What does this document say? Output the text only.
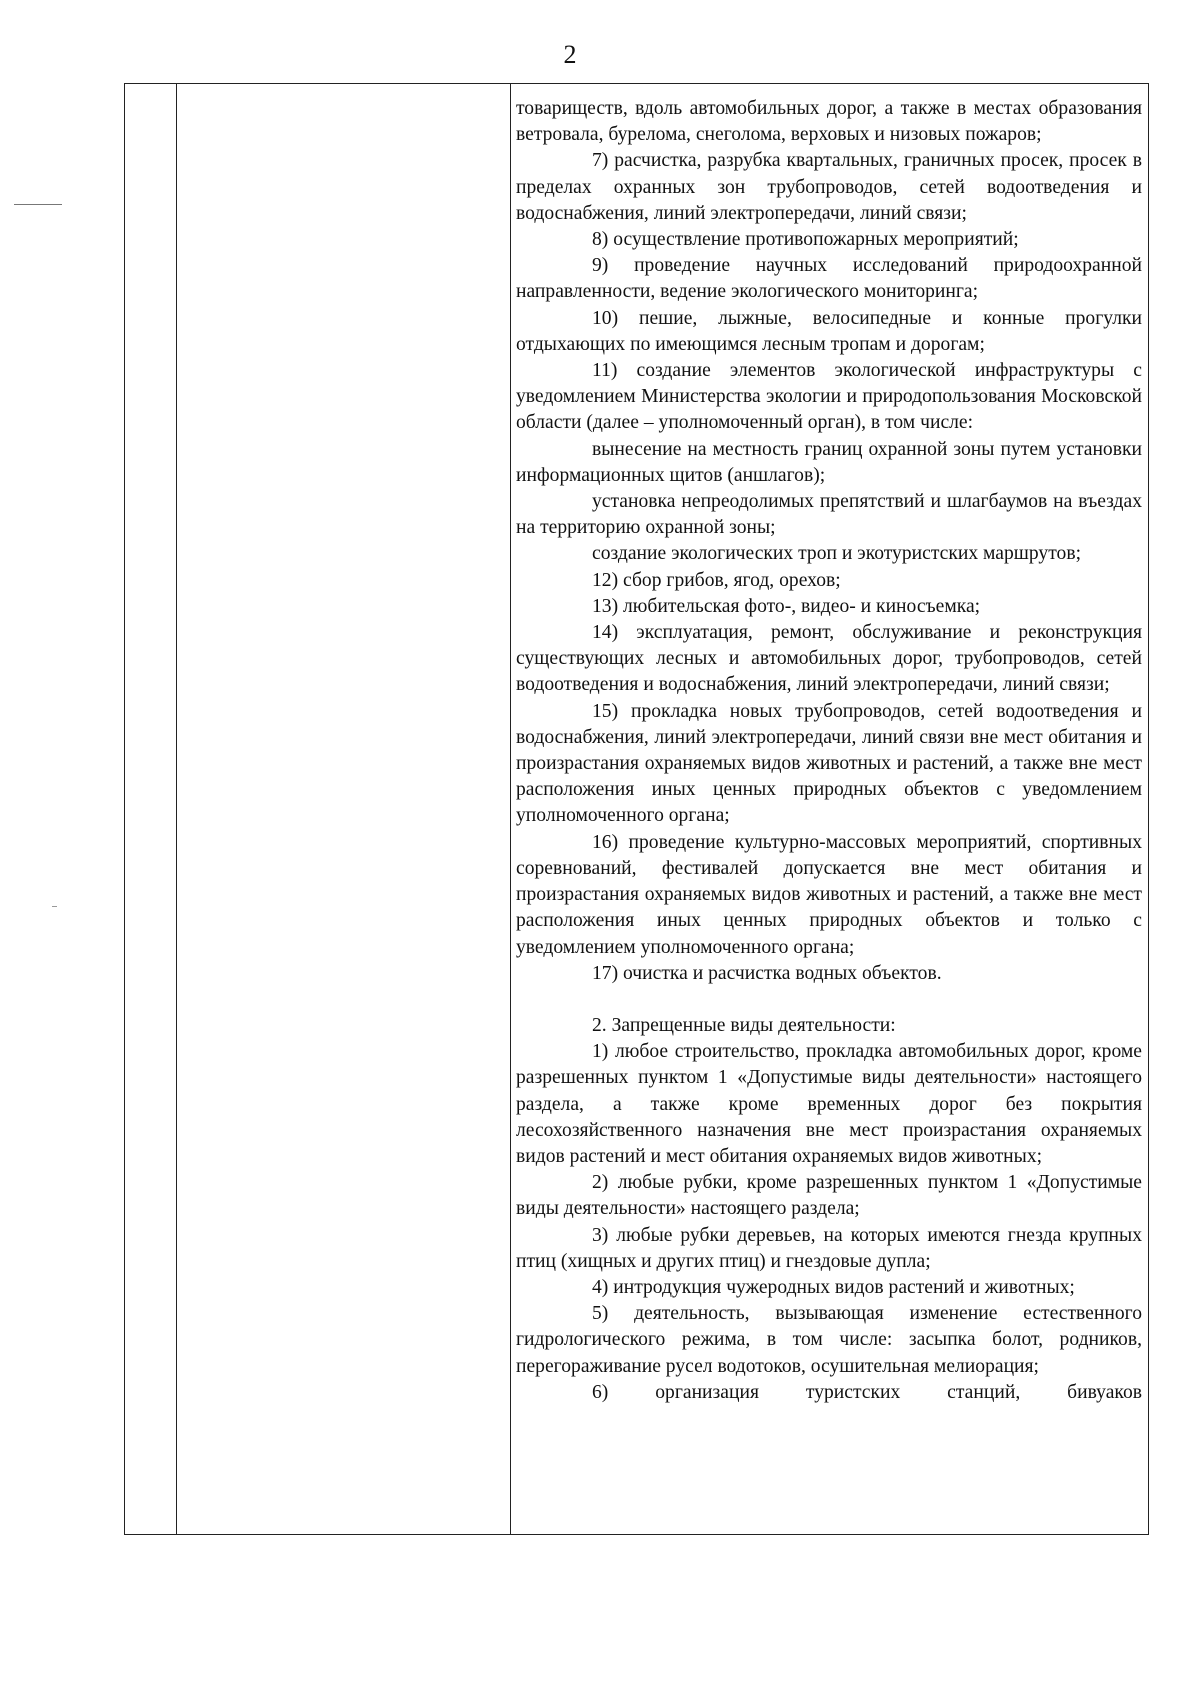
2

товариществ, вдоль автомобильных дорог, а также в местах образования ветровала, бурелома, снеголома, верховых и низовых пожаров;

7) расчистка, разрубка квартальных, граничных просек, просек в пределах охранных зон трубопроводов, сетей водоотведения и водоснабжения, линий электропередачи, линий связи;

8) осуществление противопожарных мероприятий;

9) проведение научных исследований природоохранной направленности, ведение экологического мониторинга;

10) пешие, лыжные, велосипедные и конные прогулки отдыхающих по имеющимся лесным тропам и дорогам;

11) создание элементов экологической инфраструктуры с уведомлением Министерства экологии и природопользования Московской области (далее – уполномоченный орган), в том числе:

вынесение на местность границ охранной зоны путем установки информационных щитов (аншлагов);

установка непреодолимых препятствий и шлагбаумов на въездах на территорию охранной зоны;

создание экологических троп и экотуристских маршрутов;

12) сбор грибов, ягод, орехов;

13) любительская фото-, видео- и киносъемка;

14) эксплуатация, ремонт, обслуживание и реконструкция существующих лесных и автомобильных дорог, трубопроводов, сетей водоотведения и водоснабжения, линий электропередачи, линий связи;

15) прокладка новых трубопроводов, сетей водоотведения и водоснабжения, линий электропередачи, линий связи вне мест обитания и произрастания охраняемых видов животных и растений, а также вне мест расположения иных ценных природных объектов с уведомлением уполномоченного органа;

16) проведение культурно-массовых мероприятий, спортивных соревнований, фестивалей допускается вне мест обитания и произрастания охраняемых видов животных и растений, а также вне мест расположения иных ценных природных объектов и только с уведомлением уполномоченного органа;

17) очистка и расчистка водных объектов.

2. Запрещенные виды деятельности:

1) любое строительство, прокладка автомобильных дорог, кроме разрешенных пунктом 1 «Допустимые виды деятельности» настоящего раздела, а также кроме временных дорог без покрытия лесохозяйственного назначения вне мест произрастания охраняемых видов растений и мест обитания охраняемых видов животных;

2) любые рубки, кроме разрешенных пунктом 1 «Допустимые виды деятельности» настоящего раздела;

3) любые рубки деревьев, на которых имеются гнезда крупных птиц (хищных и других птиц) и гнездовые дупла;

4) интродукция чужеродных видов растений и животных;

5) деятельность, вызывающая изменение естественного гидрологического режима, в том числе: засыпка болот, родников, перегораживание русел водотоков, осушительная мелиорация;

6) организация туристских станций, бивуаков
